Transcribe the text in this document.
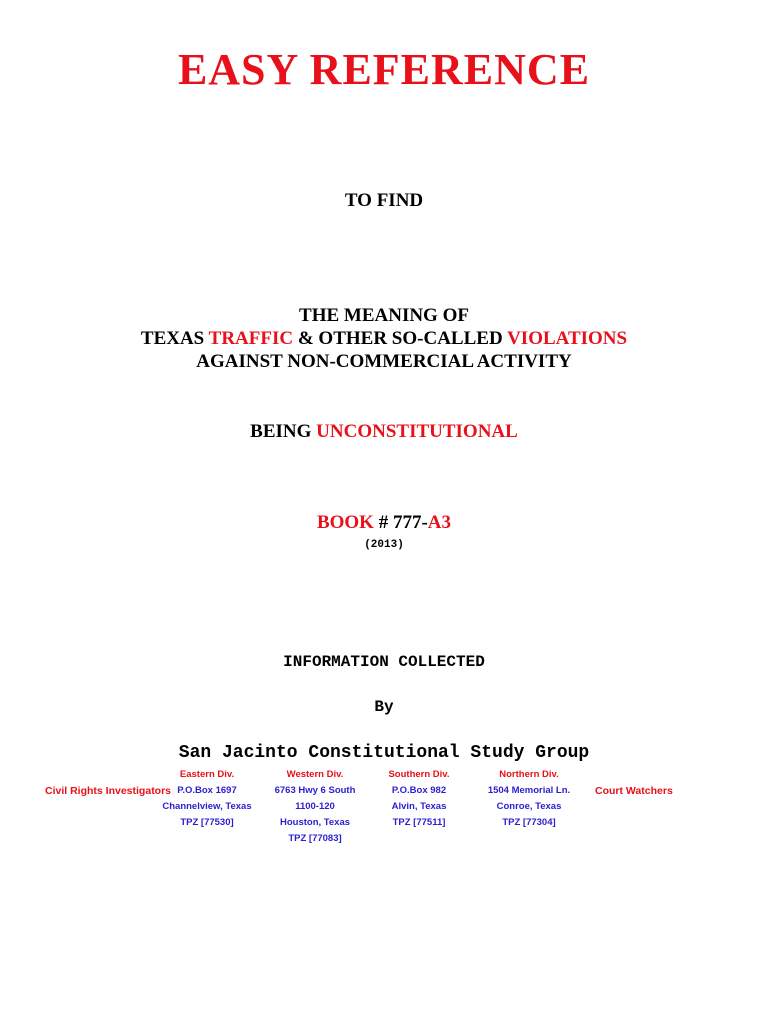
EASY REFERENCE
TO FIND
THE MEANING OF
TEXAS TRAFFIC & OTHER SO-CALLED VIOLATIONS
AGAINST NON-COMMERCIAL ACTIVITY
BEING UNCONSTITUTIONAL
BOOK # 777-A3
(2013)
INFORMATION COLLECTED
By
San Jacinto Constitutional Study Group
Civil Rights Investigators	Court Watchers
Eastern Div.
P.O.Box 1697
Channelview, Texas
TPZ [77530]
Western Div.
6763 Hwy 6 South
1100-120
Houston, Texas
TPZ [77083]
Southern Div.
P.O.Box 982
Alvin, Texas
TPZ [77511]
Northern Div.
1504 Memorial Ln.
Conroe, Texas
TPZ [77304]
